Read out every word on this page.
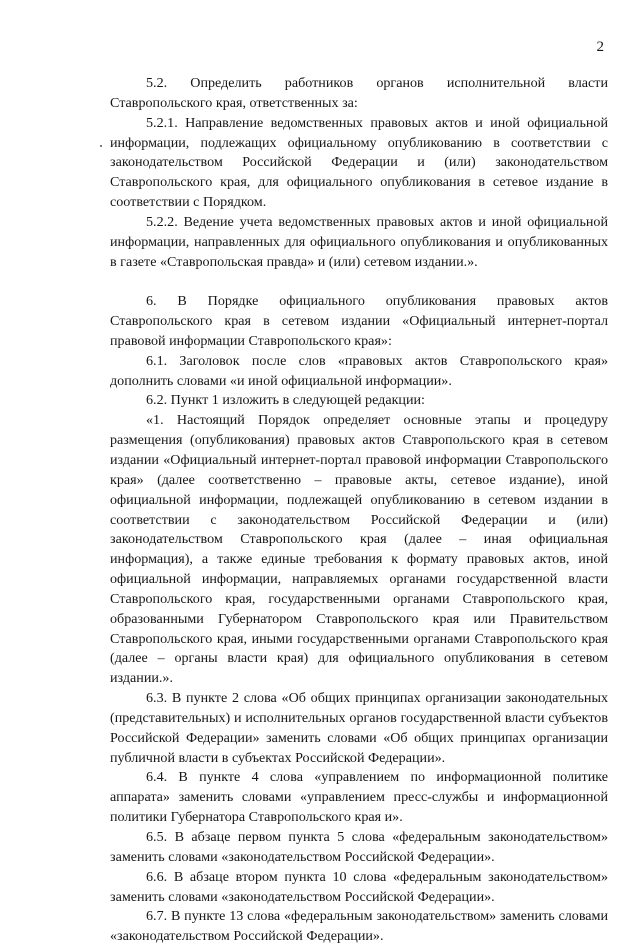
2

5.2. Определить работников органов исполнительной власти Ставропольского края, ответственных за:

5.2.1. Направление ведомственных правовых актов и иной официальной информации, подлежащих официальному опубликованию в соответствии с законодательством Российской Федерации и (или) законодательством Ставропольского края, для официального опубликования в сетевое издание в соответствии с Порядком.

5.2.2. Ведение учета ведомственных правовых актов и иной официальной информации, направленных для официального опубликования и опубликованных в газете «Ставропольская правда» и (или) сетевом издании.».

6. В Порядке официального опубликования правовых актов Ставропольского края в сетевом издании «Официальный интернет-портал правовой информации Ставропольского края»:

6.1. Заголовок после слов «правовых актов Ставропольского края» дополнить словами «и иной официальной информации».

6.2. Пункт 1 изложить в следующей редакции:

«1. Настоящий Порядок определяет основные этапы и процедуру размещения (опубликования) правовых актов Ставропольского края в сетевом издании «Официальный интернет-портал правовой информации Ставропольского края» (далее соответственно – правовые акты, сетевое издание), иной официальной информации, подлежащей опубликованию в сетевом издании в соответствии с законодательством Российской Федерации и (или) законодательством Ставропольского края (далее – иная официальная информация), а также единые требования к формату правовых актов, иной официальной информации, направляемых органами государственной власти Ставропольского края, государственными органами Ставропольского края, образованными Губернатором Ставропольского края или Правительством Ставропольского края, иными государственными органами Ставропольского края (далее – органы власти края) для официального опубликования в сетевом издании.».

6.3. В пункте 2 слова «Об общих принципах организации законодательных (представительных) и исполнительных органов государственной власти субъектов Российской Федерации» заменить словами «Об общих принципах организации публичной власти в субъектах Российской Федерации».

6.4. В пункте 4 слова «управлением по информационной политике аппарата» заменить словами «управлением пресс-службы и информационной политики Губернатора Ставропольского края и».

6.5. В абзаце первом пункта 5 слова «федеральным законодательством» заменить словами «законодательством Российской Федерации».

6.6. В абзаце втором пункта 10 слова «федеральным законодательством» заменить словами «законодательством Российской Федерации».

6.7. В пункте 13 слова «федеральным законодательством» заменить словами «законодательством Российской Федерации».
